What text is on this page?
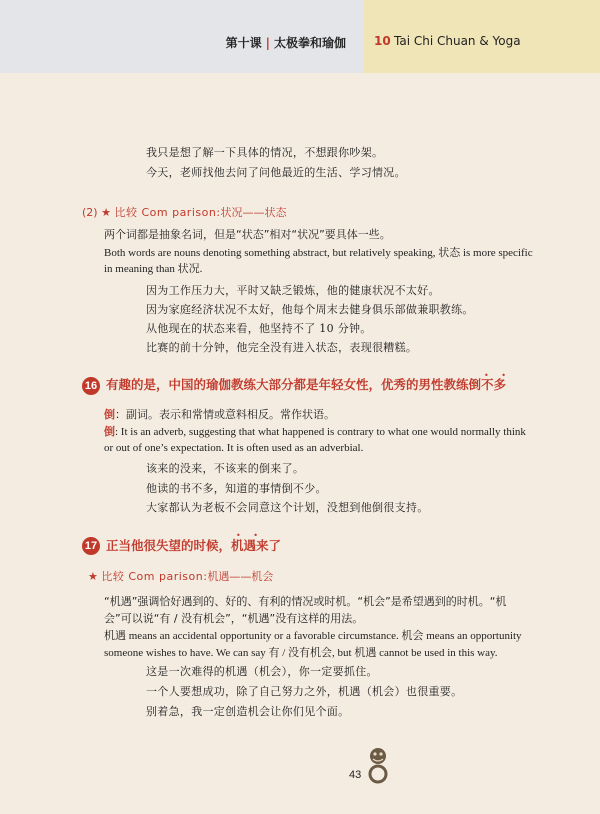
第十课 | 太极拳和瑜伽 10 Tai Chi Chuan & Yoga
我只是想了解一下具体的情况，不想跟你吵架。
今天，老师找他去问了问他最近的生活、学习情况。
(2) ★ 比较 Com parison:状况——状态
两个词都是抽象名词，但是“状态”相对“状况”要具体一些。
Both words are nouns denoting something abstract, but relatively speaking, 状态 is more specific
in meaning than 状况.
因为工作压力大，平时又缺乏锻炼，他的健康状况不太好。
因为家庭经济状况不太好，他每个周末去健身俱乐部做兼职教练。
从他现在的状态来看，他坚持不了 10 分钟。
比赛的前十分钟，他完全没有进入状态，表现很糟糕。
16 有趣的是，中国的瑜伽教练大部分都是年轻女性，优秀的男性教练倒不多
• •
倒：副词。表示和常情或意料相反。常作状语。
倒: It is an adverb, suggesting that what happened is contrary to what one would normally think
or out of one’s expectation. It is often used as an adverbial.
该来的没来，不该来的倒来了。
他读的书不多，知道的事情倒不少。
大家都认为老板不会同意这个计划，没想到他倒很支持。
17 正当他很失望的时候，机遇来了
• •
★ 比较 Com parison:机遇——机会
“机遇”强调恰好遇到的、好的、有利的情况或时机。“机会”是希望遇到的时机。“机
会”可以说“有 / 没有机会”，“机遇”没有这样的用法。
机遇 means an accidental opportunity or a favorable circumstance. 机会 means an opportunity
someone wishes to have. We can say 有 / 没有机会, but 机遇 cannot be used in this way.
这是一次难得的机遇（机会），你一定要抓住。
一个人要想成功，除了自己努力之外，机遇（机会）也很重要。
别着急，我一定创造机会让你们见个面。
43
